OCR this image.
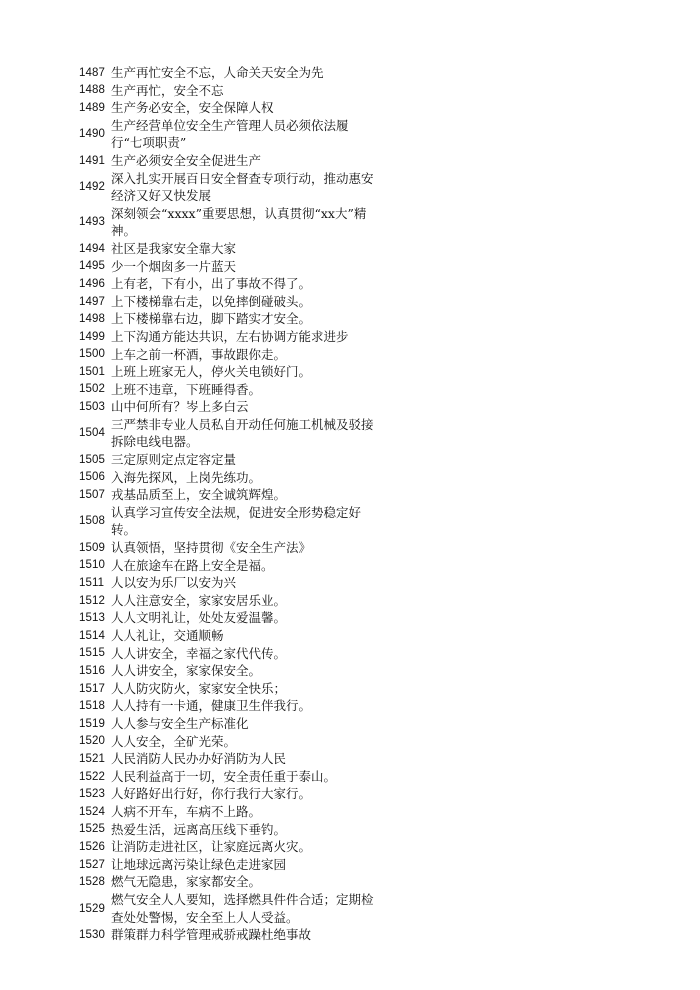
1487 生产再忙安全不忘，人命关天安全为先
1488 生产再忙，安全不忘
1489 生产务必安全，安全保障人权
1490
生产经营单位安全生产管理人员必须依法履行“七项职责”
1491 生产必须安全安全促进生产
1492
深入扎实开展百日安全督查专项行动，推动惠安经济又好又快发展
1493
深刻领会“xxxx”重要思想，认真贯彻“xx大”精神。
1494 社区是我家安全靠大家
1495 少一个烟囱多一片蓝天
1496 上有老，下有小，出了事故不得了。
1497 上下楼梯靠右走，以免摔倒碰破头。
1498 上下楼梯靠右边，脚下踏实才安全。
1499 上下沟通方能达共识，左右协调方能求进步
1500 上车之前一杯酒，事故跟你走。
1501 上班上班家无人，停火关电锁好门。
1502 上班不违章，下班睡得香。
1503 山中何所有？岑上多白云
1504
三严禁非专业人员私自开动任何施工机械及驳接拆除电线电器。
1505 三定原则定点定容定量
1506 入海先探风，上岗先练功。
1507 戎基品质至上，安全诚筑辉煌。
1508
认真学习宣传安全法规，促进安全形势稳定好转。
1509 认真领悟，坚持贯彻《安全生产法》
1510 人在旅途车在路上安全是福。
1511 人以安为乐厂以安为兴
1512 人人注意安全，家家安居乐业。
1513 人人文明礼让，处处友爱温馨。
1514 人人礼让，交通顺畅
1515 人人讲安全，幸福之家代代传。
1516 人人讲安全，家家保安全。
1517 人人防灾防火，家家安全快乐；
1518 人人持有一卡通，健康卫生伴我行。
1519 人人参与安全生产标准化
1520 人人安全，全矿光荣。
1521 人民消防人民办办好消防为人民
1522 人民利益高于一切，安全责任重于泰山。
1523 人好路好出行好，你行我行大家行。
1524 人病不开车，车病不上路。
1525 热爱生活，远离高压线下垂钓。
1526 让消防走进社区，让家庭远离火灾。
1527 让地球远离污染让绿色走进家园
1528 燃气无隐患，家家都安全。
1529
燃气安全人人要知，选择燃具件件合适；定期检查处处警惕，安全至上人人受益。
1530 群策群力科学管理戒骄戒躁杜绝事故
